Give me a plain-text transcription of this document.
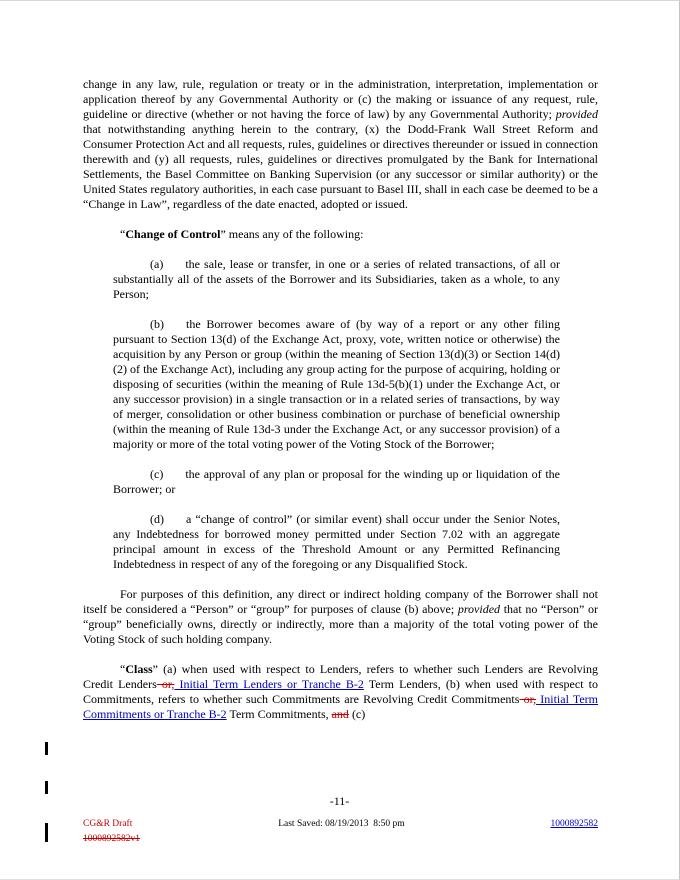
change in any law, rule, regulation or treaty or in the administration, interpretation, implementation or application thereof by any Governmental Authority or (c) the making or issuance of any request, rule, guideline or directive (whether or not having the force of law) by any Governmental Authority; provided that notwithstanding anything herein to the contrary, (x) the Dodd-Frank Wall Street Reform and Consumer Protection Act and all requests, rules, guidelines or directives thereunder or issued in connection therewith and (y) all requests, rules, guidelines or directives promulgated by the Bank for International Settlements, the Basel Committee on Banking Supervision (or any successor or similar authority) or the United States regulatory authorities, in each case pursuant to Basel III, shall in each case be deemed to be a “Change in Law”, regardless of the date enacted, adopted or issued.

“Change of Control” means any of the following:

(a) the sale, lease or transfer, in one or a series of related transactions, of all or substantially all of the assets of the Borrower and its Subsidiaries, taken as a whole, to any Person;

(b) the Borrower becomes aware of (by way of a report or any other filing pursuant to Section 13(d) of the Exchange Act, proxy, vote, written notice or otherwise) the acquisition by any Person or group (within the meaning of Section 13(d)(3) or Section 14(d)(2) of the Exchange Act), including any group acting for the purpose of acquiring, holding or disposing of securities (within the meaning of Rule 13d-5(b)(1) under the Exchange Act, or any successor provision) in a single transaction or in a related series of transactions, by way of merger, consolidation or other business combination or purchase of beneficial ownership (within the meaning of Rule 13d-3 under the Exchange Act, or any successor provision) of a majority or more of the total voting power of the Voting Stock of the Borrower;

(c) the approval of any plan or proposal for the winding up or liquidation of the Borrower; or

(d) a “change of control” (or similar event) shall occur under the Senior Notes, any Indebtedness for borrowed money permitted under Section 7.02 with an aggregate principal amount in excess of the Threshold Amount or any Permitted Refinancing Indebtedness in respect of any of the foregoing or any Disqualified Stock.

For purposes of this definition, any direct or indirect holding company of the Borrower shall not itself be considered a “Person” or “group” for purposes of clause (b) above; provided that no “Person” or “group” beneficially owns, directly or indirectly, more than a majority of the total voting power of the Voting Stock of such holding company.

“Class” (a) when used with respect to Lenders, refers to whether such Lenders are Revolving Credit Lenders or, Initial Term Lenders or Tranche B-2 Term Lenders, (b) when used with respect to Commitments, refers to whether such Commitments are Revolving Credit Commitments or, Initial Term Commitments or Tranche B-2 Term Commitments, and (c)

-11-
CG&R Draft	Last Saved: 08/19/2013  8:50 pm	1000892582
1000892582v1
